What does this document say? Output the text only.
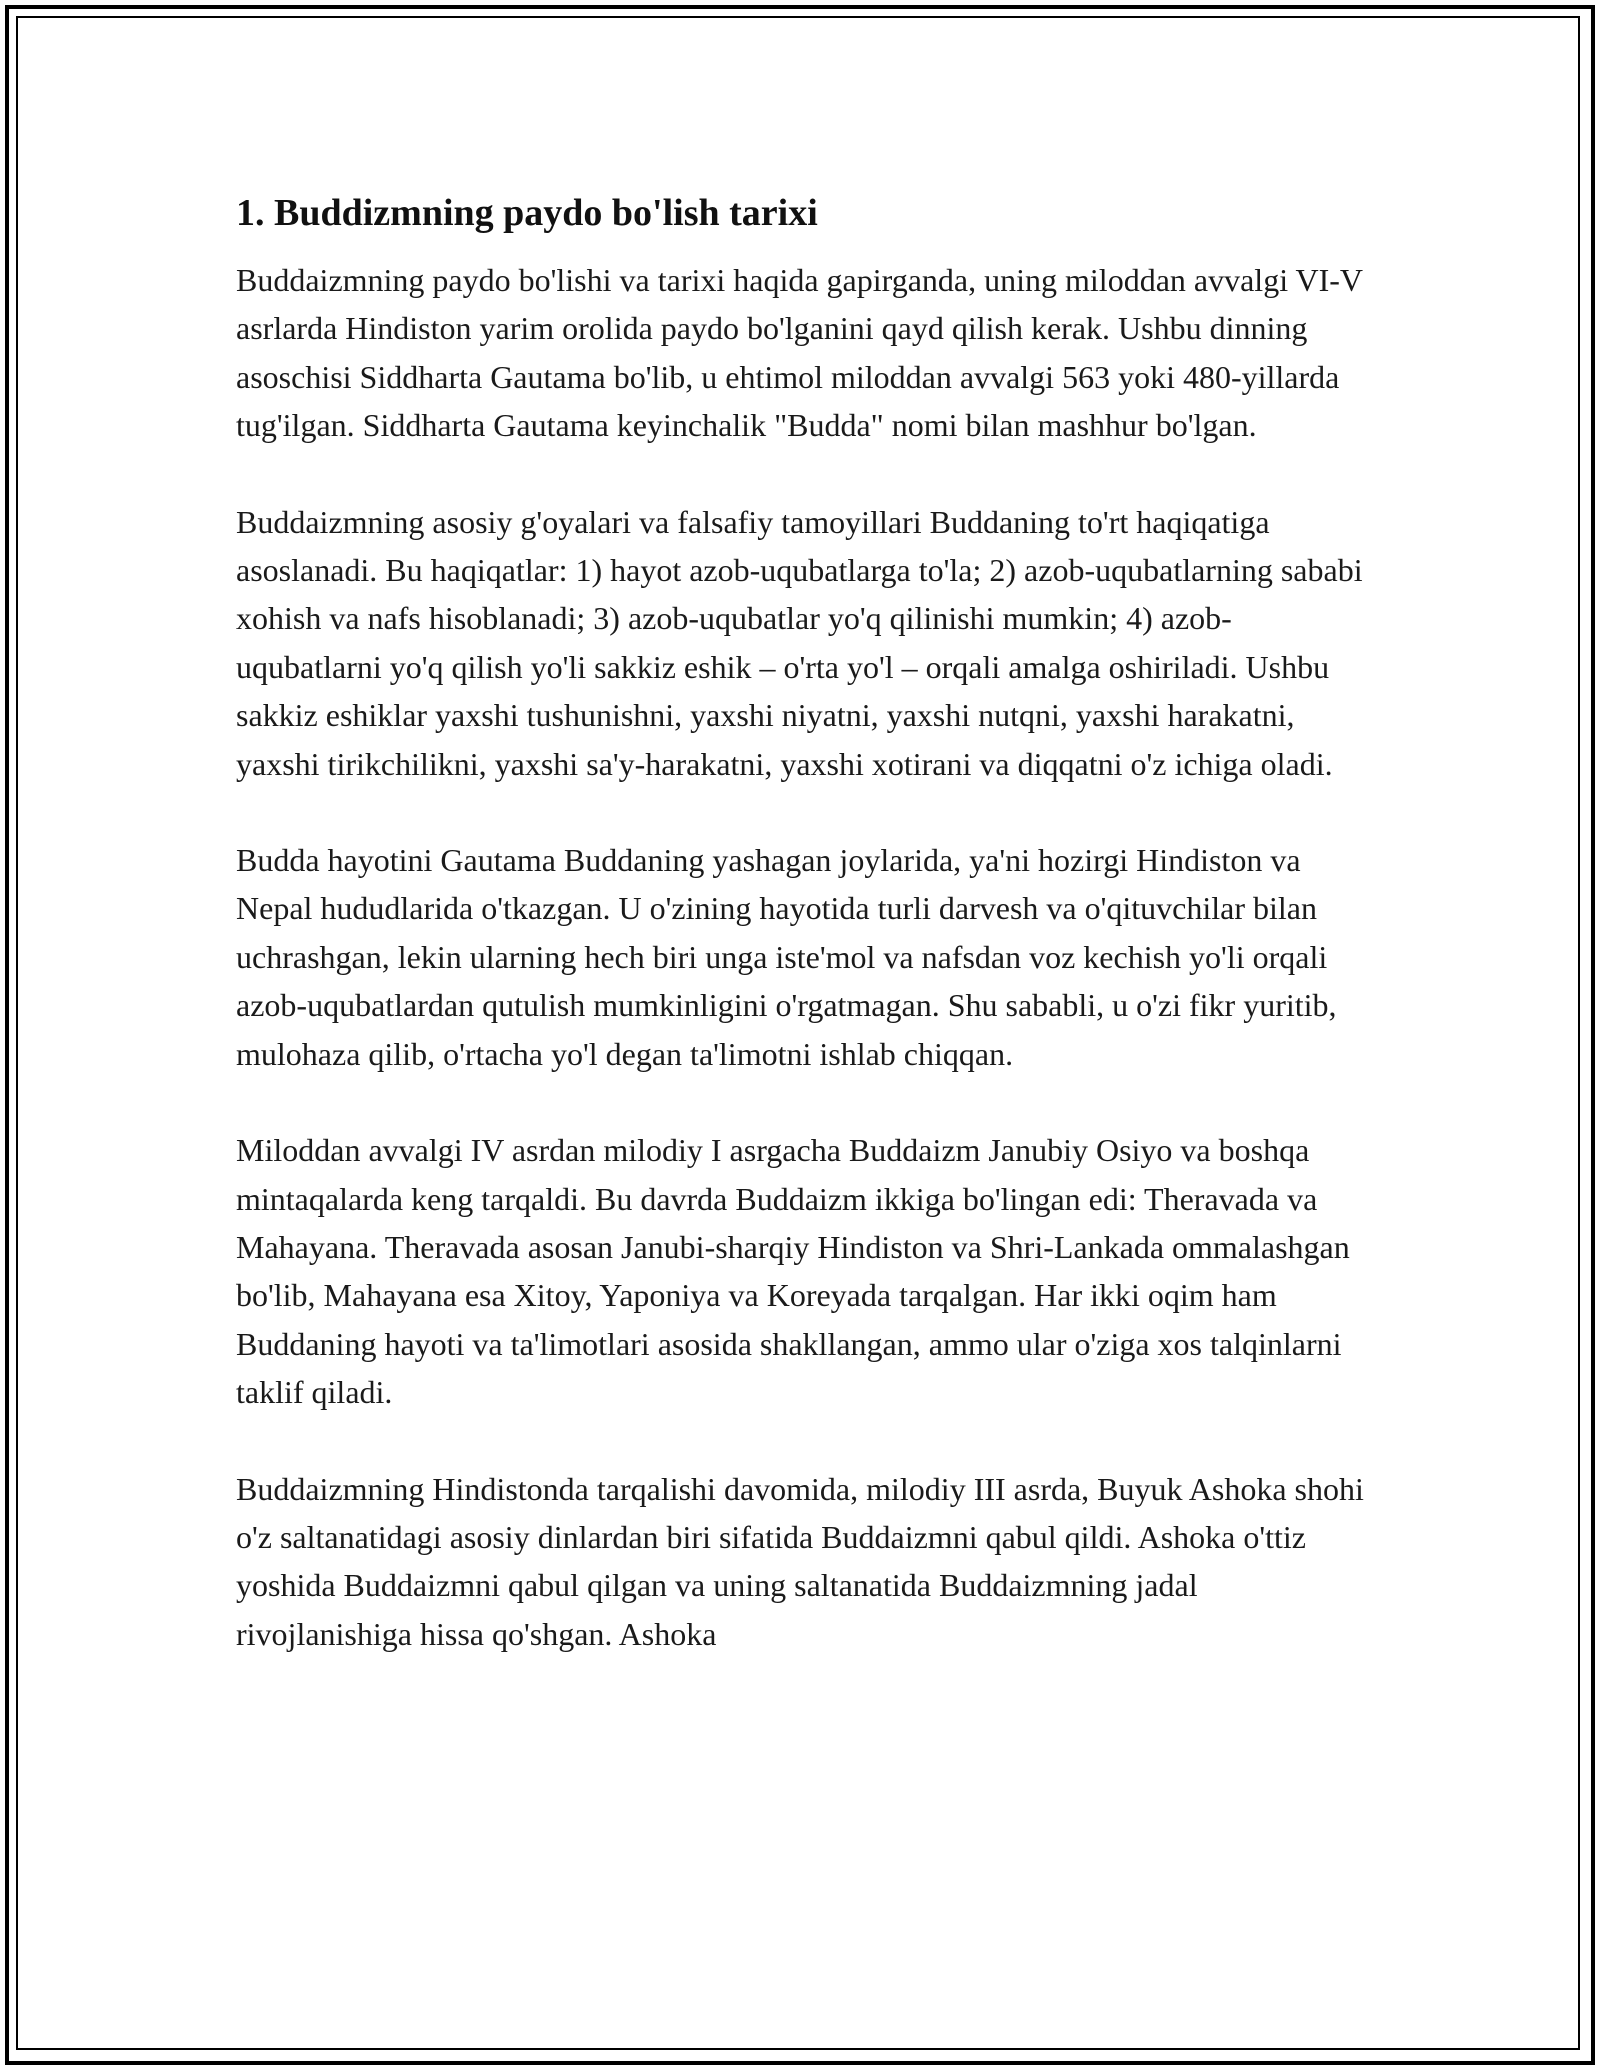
1. Buddizmning paydo bo'lish tarixi

Buddaizmning paydo bo'lishi va tarixi haqida gapirganda, uning miloddan avvalgi VI-V asrlarda Hindiston yarim orolida paydo bo'lganini qayd qilish kerak. Ushbu dinning asoschisi Siddharta Gautama bo'lib, u ehtimol miloddan avvalgi 563 yoki 480-yillarda tug'ilgan. Siddharta Gautama keyinchalik "Budda" nomi bilan mashhur bo'lgan.

Buddaizmning asosiy g'oyalari va falsafiy tamoyillari Buddaning to'rt haqiqatiga asoslanadi. Bu haqiqatlar: 1) hayot azob-uqubatlarga to'la; 2) azob-uqubatlarning sababi xohish va nafs hisoblanadi; 3) azob-uqubatlar yo'q qilinishi mumkin; 4) azob-uqubatlarni yo'q qilish yo'li sakkiz eshik – o'rta yo'l – orqali amalga oshiriladi. Ushbu sakkiz eshiklar yaxshi tushunishni, yaxshi niyatni, yaxshi nutqni, yaxshi harakatni, yaxshi tirikchilikni, yaxshi sa'y-harakatni, yaxshi xotirani va diqqatni o'z ichiga oladi.

Budda hayotini Gautama Buddaning yashagan joylarida, ya'ni hozirgi Hindiston va Nepal hududlarida o'tkazgan. U o'zining hayotida turli darvesh va o'qituvchilar bilan uchrashgan, lekin ularning hech biri unga iste'mol va nafsdan voz kechish yo'li orqali azob-uqubatlardan qutulish mumkinligini o'rgatmagan. Shu sababli, u o'zi fikr yuritib, mulohaza qilib, o'rtacha yo'l degan ta'limotni ishlab chiqqan.

Miloddan avvalgi IV asrdan milodiy I asrgacha Buddaizm Janubiy Osiyo va boshqa mintaqalarda keng tarqaldi. Bu davrda Buddaizm ikkiga bo'lingan edi: Theravada va Mahayana. Theravada asosan Janubi-sharqiy Hindiston va Shri-Lankada ommalashgan bo'lib, Mahayana esa Xitoy, Yaponiya va Koreyada tarqalgan. Har ikki oqim ham Buddaning hayoti va ta'limotlari asosida shakllangan, ammo ular o'ziga xos talqinlarni taklif qiladi.

Buddaizmning Hindistonda tarqalishi davomida, milodiy III asrda, Buyuk Ashoka shohi o'z saltanatidagi asosiy dinlardan biri sifatida Buddaizmni qabul qildi. Ashoka o'ttiz yoshida Buddaizmni qabul qilgan va uning saltanatida Buddaizmning jadal rivojlanishiga hissa qo'shgan. Ashoka
